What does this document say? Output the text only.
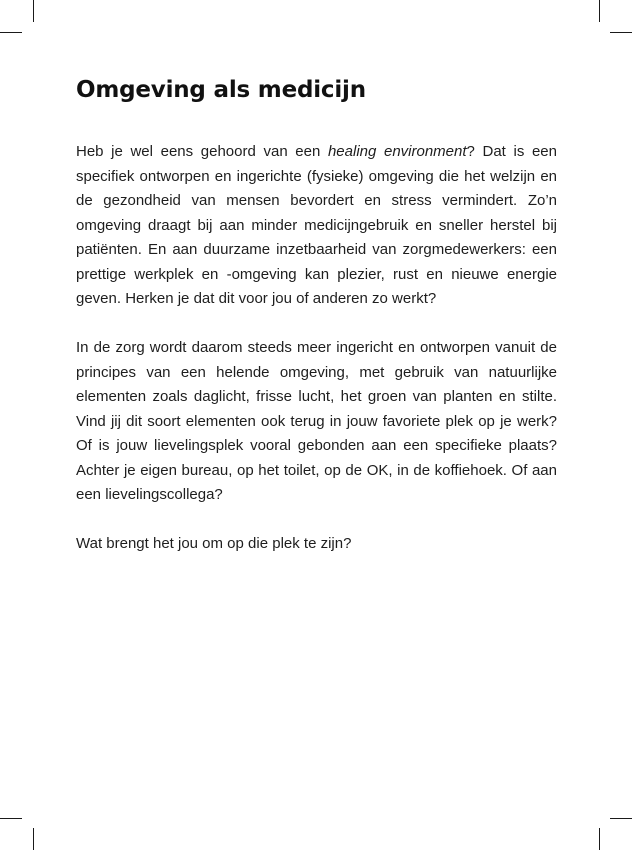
Omgeving als medicijn

Heb je wel eens gehoord van een healing environment? Dat is een specifiek ontworpen en ingerichte (fysieke) omgeving die het welzijn en de gezondheid van mensen bevordert en stress vermindert. Zo’n omgeving draagt bij aan minder medicijngebruik en sneller herstel bij patiënten. En aan duurzame inzetbaarheid van zorgmedewerkers: een prettige werkplek en -omgeving kan plezier, rust en nieuwe energie geven. Herken je dat dit voor jou of anderen zo werkt?

In de zorg wordt daarom steeds meer ingericht en ontworpen vanuit de principes van een helende omgeving, met gebruik van natuurlijke elementen zoals daglicht, frisse lucht, het groen van planten en stilte. Vind jij dit soort elementen ook terug in jouw favoriete plek op je werk? Of is jouw lievelingsplek vooral gebonden aan een specifieke plaats? Achter je eigen bureau, op het toilet, op de OK, in de koffiehoek. Of aan een lievelingscollega?

Wat brengt het jou om op die plek te zijn?
